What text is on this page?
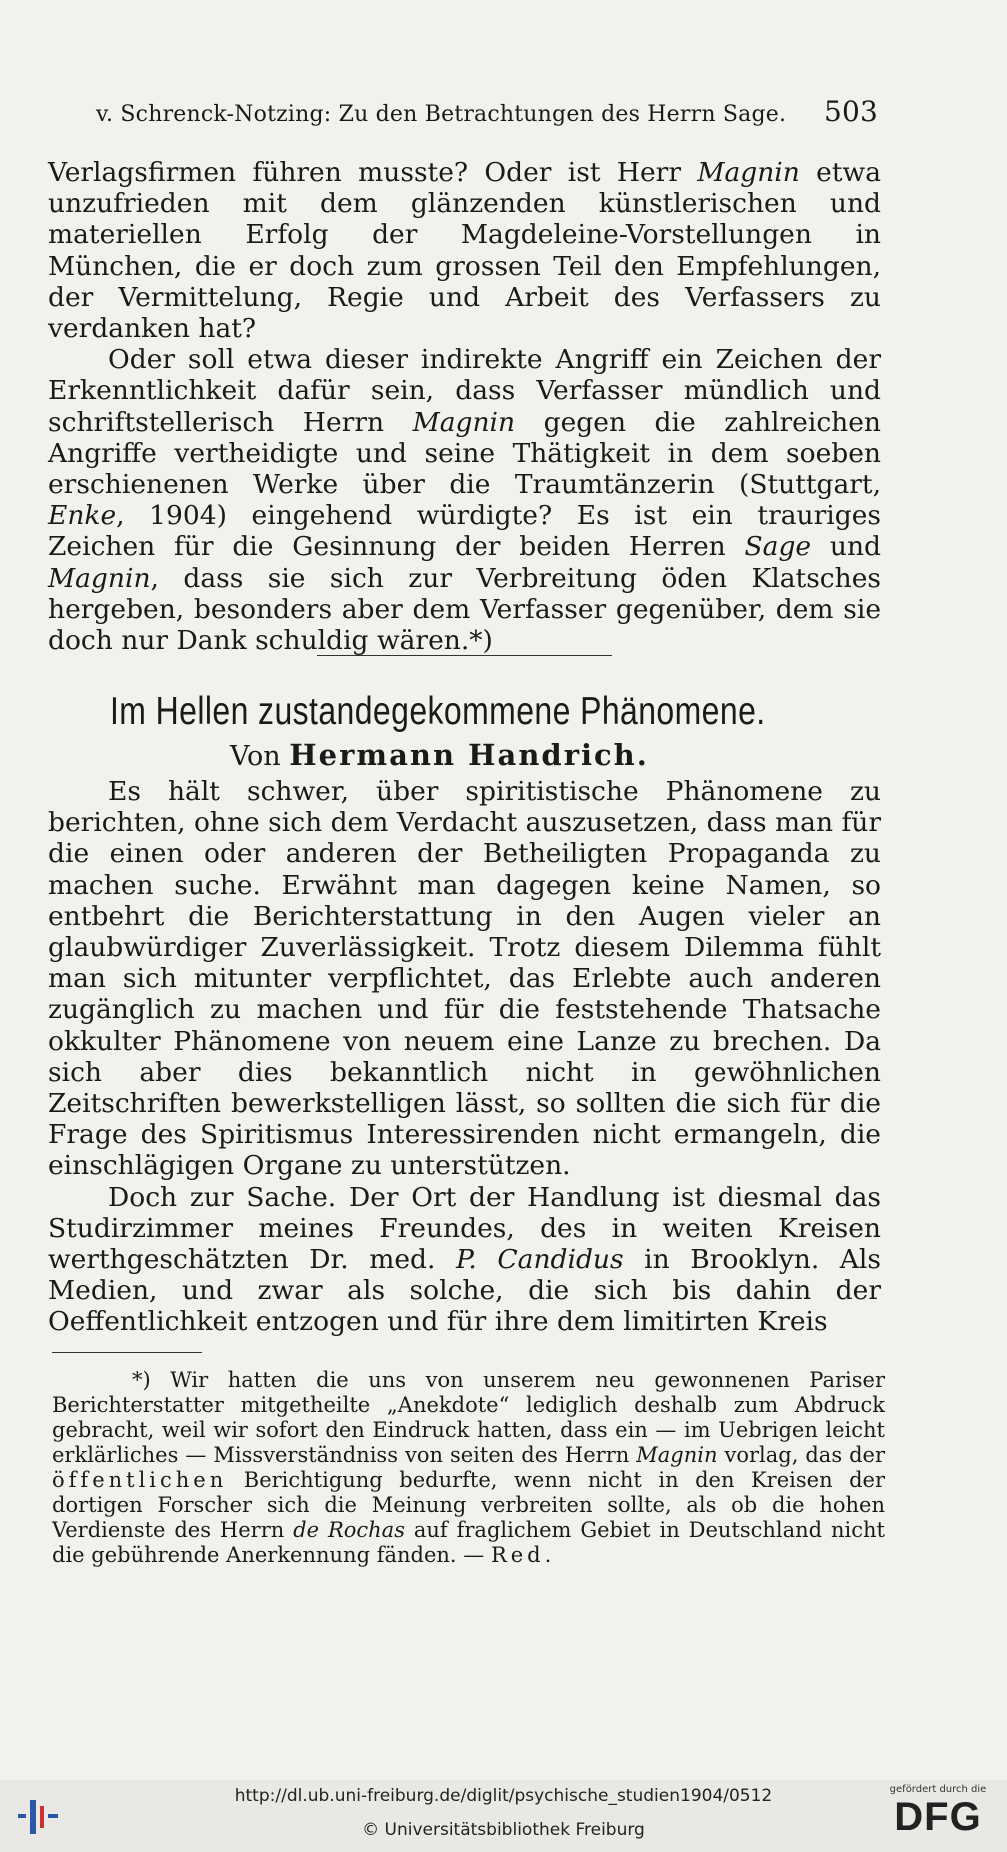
v. Schrenck-Notzing: Zu den Betrachtungen des Herrn Sage. 503

Verlagsfirmen führen musste? Oder ist Herr Magnin etwa unzufrieden mit dem glänzenden künstlerischen und materiellen Erfolg der Magdeleine-Vorstellungen in München, die er doch zum grossen Teil den Empfehlungen, der Vermittelung, Regie und Arbeit des Verfassers zu verdanken hat?

Oder soll etwa dieser indirekte Angriff ein Zeichen der Erkenntlichkeit dafür sein, dass Verfasser mündlich und schriftstellerisch Herrn Magnin gegen die zahlreichen Angriffe vertheidigte und seine Thätigkeit in dem soeben erschienenen Werke über die Traumtänzerin (Stuttgart, Enke, 1904) eingehend würdigte? Es ist ein trauriges Zeichen für die Gesinnung der beiden Herren Sage und Magnin, dass sie sich zur Verbreitung öden Klatsches hergeben, besonders aber dem Verfasser gegenüber, dem sie doch nur Dank schuldig wären.*)

Im Hellen zustandegekommene Phänomene.
Von Hermann Handrich.

Es hält schwer, über spiritistische Phänomene zu berichten, ohne sich dem Verdacht auszusetzen, dass man für die einen oder anderen der Betheiligten Propaganda zu machen suche. Erwähnt man dagegen keine Namen, so entbehrt die Berichterstattung in den Augen vieler an glaubwürdiger Zuverlässigkeit. Trotz diesem Dilemma fühlt man sich mitunter verpflichtet, das Erlebte auch anderen zugänglich zu machen und für die feststehende Thatsache okkulter Phänomene von neuem eine Lanze zu brechen. Da sich aber dies bekanntlich nicht in gewöhnlichen Zeitschriften bewerkstelligen lässt, so sollten die sich für die Frage des Spiritismus Interessirenden nicht ermangeln, die einschlägigen Organe zu unterstützen.

Doch zur Sache. Der Ort der Handlung ist diesmal das Studirzimmer meines Freundes, des in weiten Kreisen werthgeschätzten Dr. med. P. Candidus in Brooklyn. Als Medien, und zwar als solche, die sich bis dahin der Oeffentlichkeit entzogen und für ihre dem limitirten Kreis

*) Wir hatten die uns von unserem neu gewonnenen Pariser Berichterstatter mitgetheilte „Anekdote“ lediglich deshalb zum Abdruck gebracht, weil wir sofort den Eindruck hatten, dass ein — im Uebrigen leicht erklärliches — Missverständniss von seiten des Herrn Magnin vorlag, das der öffentlichen Berichtigung bedurfte, wenn nicht in den Kreisen der dortigen Forscher sich die Meinung verbreiten sollte, als ob die hohen Verdienste des Herrn de Rochas auf fraglichem Gebiet in Deutschland nicht die gebührende Anerkennung fänden. — Red.

http://dl.ub.uni-freiburg.de/diglit/psychische_studien1904/0512
© Universitätsbibliothek Freiburg
gefördert durch die
DFG
